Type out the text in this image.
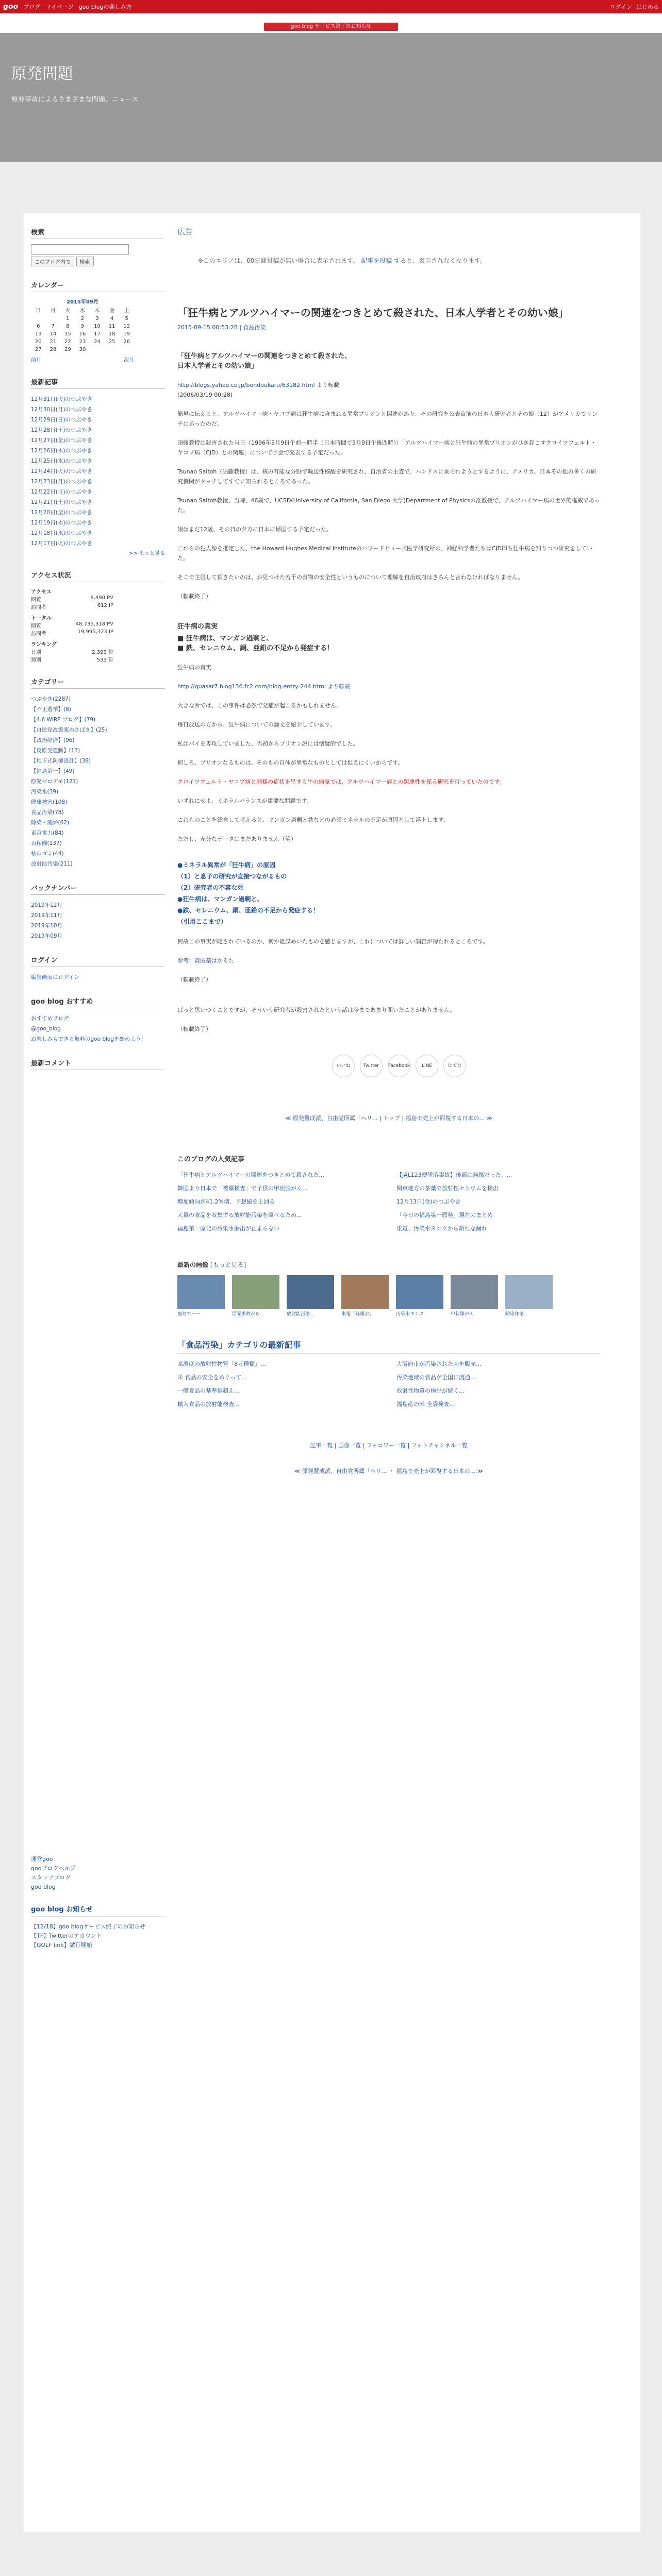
goo ブログ マイページ goo blogの楽しみ方	ログイン はじめる
goo blog サービス終了のお知らせ
原発問題
原発事故によるさまざまな問題、ニュース
検索
このブログ内で 検索
カレンダー
2015年09月
日	月	火	水	木	金	土
		1	2	3	4	5
6	7	8	9	10	11	12
13	14	15	16	17	18	19
20	21	22	23	24	25	26
27	28	29	30			
前月	次月
最新記事
12月31日(火)のつぶやき
12月30日(月)のつぶやき
12月29日(日)のつぶやき
12月28日(土)のつぶやき
12月27日(金)のつぶやき
12月26日(木)のつぶやき
12月25日(水)のつぶやき
12月24日(火)のつぶやき
12月23日(月)のつぶやき
12月22日(日)のつぶやき
12月21日(土)のつぶやき
12月20日(金)のつぶやき
12月19日(木)のつぶやき
12月18日(水)のつぶやき
12月17日(火)のつぶやき
>> もっと見る
アクセス状況
アクセス
閲覧	8,490 PV
訪問者	612 IP
トータル
閲覧	48,735,318 PV
訪問者	19,995,323 IP
ランキング
日別	2,393 位
週別	533 位
カテゴリー
つぶやき(2287)
【不正選挙】(8)
【4.6 WIRE ブログ】(79)
【自民党改憲案のさばき】(25)
【政治経済】(96)
【反原発運動】(13)
【地下式防御設計】(38)
【福島第一】(49)
原発ゼロデモ(121)
汚染水(39)
健康被害(108)
食品汚染(78)
除染・廃炉(62)
東京電力(84)
再稼働(137)
核のゴミ(44)
放射能汚染(211)
バックナンバー
2019年12月
2019年11月
2019年10月
2019年09月
ログイン
編集画面にログイン
goo blog おすすめ
おすすめブログ
@goo_blog
お楽しみもできる無料のgoo blogを始めよう!
最新コメント
広告
※このエリアは、60日間投稿が無い場合に表示されます。 記事を投稿 すると、表示されなくなります。
「狂牛病とアルツハイマーの関連をつきとめて殺された、日本人学者とその幼い娘」
2015-09-15 00:53:28 | 食品汚染

「狂牛病とアルツハイマーの関連をつきとめて殺された、
日本人学者とその幼い娘」

http://blogs.yahoo.co.jp/bondoukaru/63182.html より転載
(2006/03/19 00:28)

簡単に伝えると、アルツハイマー病・ヤコブ病は狂牛病に含まれる異常プリオンと関連があり、その研究を公表直前の日本人研究者とその娘（12）がアメリカでリンチにあったのだ。

須藤教授は殺害された当日（1996年5月9日午前一時半（日本時間で5月9日午後四時））「アルツハイマー病と狂牛病の異常プリオンがひき起こすクロイツフェルト・ヤコブ病（CJD）との関連」について学会で発表する予定だった。

Tsunao Saitoh（須藤教授）は、核の有能な分野で輸送性核酸を研究され、自治省の主査で、ハンドスに乗られようとするように、アメリカ、日本その他の多くの研究機関がタッチしてすでに知られるところであった。

Tsunao Saitoh教授、当時、46歳で、UCSD(University of California, San Diego 大学)Department of Physicsの准教授で、アルツハイマー病の世界的権威であった。

娘はまだ12歳、その日の夕方に日本に帰国する予定だった。

これらの犯人像を推定した、the Howard Hughes Medical Instituteのハワードヒューズ医学研究所の、神経科学者たちはCJD即ち狂牛病を知りつつ研究をしていた。

そこで主張して頂きたいのは、お見つけた若干の食物の安全性というものについて理解を自治政府はきちんと言わなければなりません。

（転載終了）

狂牛病の真実

■ 狂牛病は、マンガン過剰と、

■ 鉄、セレニウム、銅、亜鉛の不足から発症する！

狂牛病の真実

http://quasar7.blog136.fc2.com/blog-entry-244.html より転載

大きな所では、この事件は必然で発症が起こるかもしれません。

毎日放送の方から、狂牛病についての論文を紹介しています。

私はパイを専攻していました、当初からプリオン説には懐疑的でした。

何しろ、プリオンなるものは、そのもの自体が異常なものとしては捉えにくいからです。

クロイツフェルト・ヤコブ病と同様の症状を呈する牛の病気では、アルツハイマー病との関連性を探る研究を行っていたのです。

いずれにせよ、ミネラルバランスが重要な問題です。

これらのことを総合して考えると、マンガン過剰と鉄などの必須ミネラルの不足が原因として浮上します。

ただし、充分なデータはまだありません（笑）

●ミネラル異常が「狂牛病」の原因
（1）と息子の研究が直接つながるもの
（2）研究者の不審な死
●狂牛病は、マンガン過剰と、
●鉄、セレニウム、銅、亜鉛の不足から発症する！
（引用ここまで）

何故この事実が隠されているのか、何か陰謀めいたものを感じますが、これについては詳しい調査が待たれるところです。

参考：森医薬はかるた

（転載終了）

ぱっと思いつくことですが、そういう研究者が殺害されたという話は今まであまり聞いたことがありません。

（転載終了）

いいね	Twitter	Facebook	LINE	はてな
≪ 原発賛成派、自由党所属「ヘリ... | トップ | 福島で売上が回復する日本の... ≫
このブログの人気記事
「狂牛病とアルツハイマーの関連をつきとめて殺された...	【JAL123便墜落事故】後部は無傷だった、...
韓国より日本で「被曝検査」で子供の甲状腺がん...	関東地方の茶葉で放射性セシウムを検出
増加傾向が41.2%増、予想値を上回る	12月13日(金)のつぶやき
大量の食品を収集する放射能汚染を調べるため...	「今日の福島第一原発」現在のまとめ
福島第一原発の汚染水漏出が止まらない	東電、汚染水タンクから新たな漏れ
最新の画像 [もっと見る]
福島でーー	原発事故から...	放射能汚染...	東電「処理水」	汚染水タンク	甲状腺がん	除染作業
「食品汚染」カテゴリの最新記事
高濃度の放射性物質「8万種類」...	大阪府市が汚染された肉を販売...
米 食品の安全をめぐって...	汚染地域の食品が全国に流通...
一般食品の基準値超え...	放射性物質の検出が続く...
輸入食品の放射能検査...	福島産の米 全袋検査...
記事一覧 | 画像一覧 | フォロワー一覧 | フォトチャンネル一覧
≪ 原発賛成派、自由党所属「ヘリ... ・ 福島で売上が回復する日本の... ≫
運営goo
gooブログヘルプ
スタッフブログ
goo blog
goo blog お知らせ
【12/18】goo blogサービス終了のお知らせ
【TF】Twitterのアカウント
【GOLF link】試行開始
